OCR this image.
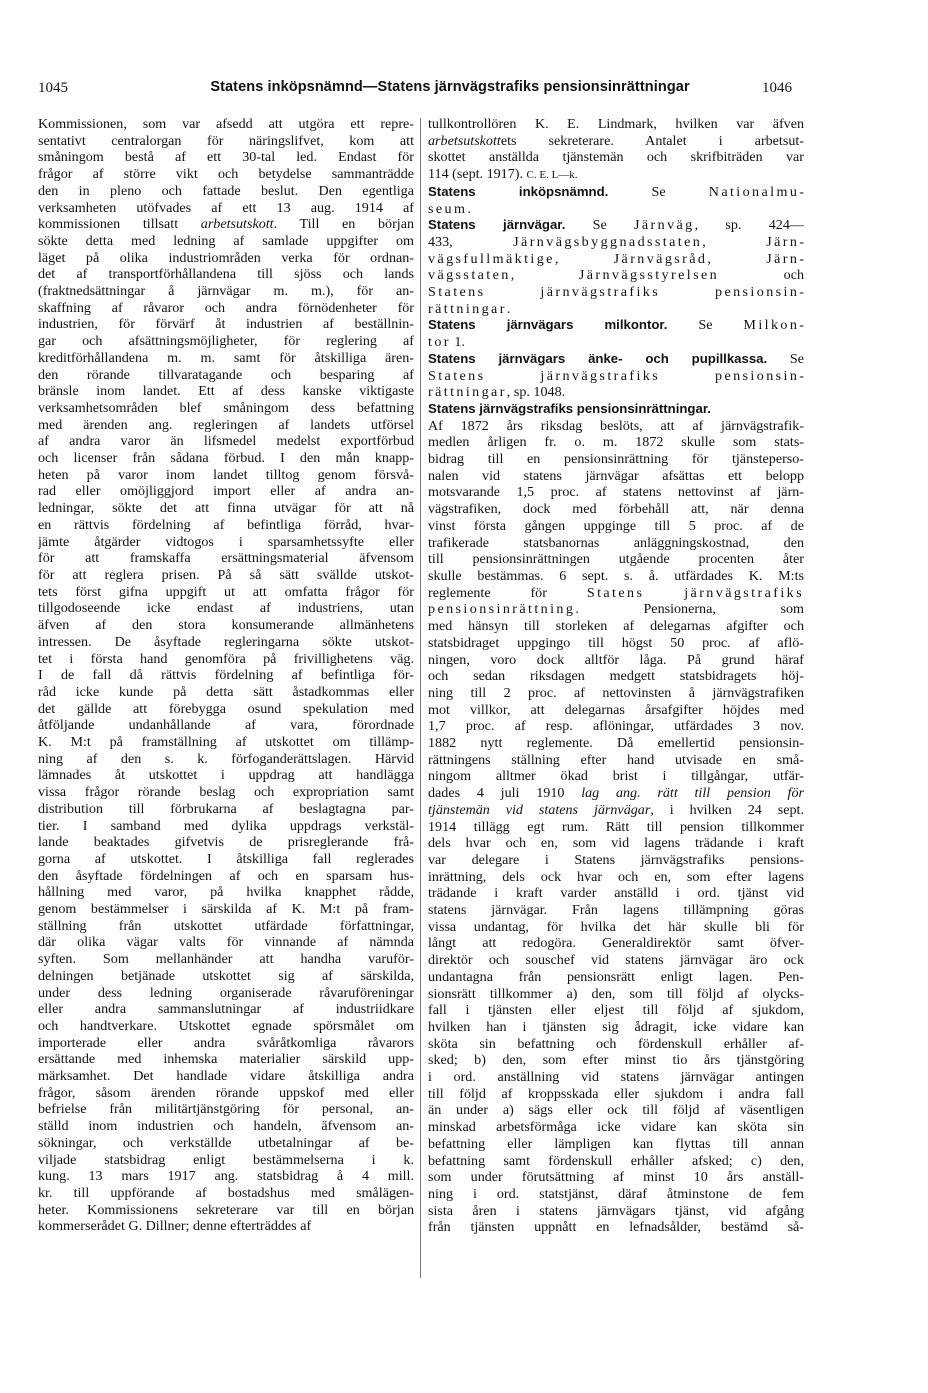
1045	Statens inköpsnämnd—Statens järnvägstrafiks pensionsinrättningar	1046
Kommissionen, som var afsedd att utgöra ett repre-
sentativt centralorgan för näringslifvet, kom att
småningom bestå af ett 30-tal led. Endast för
frågor af större vikt och betydelse sammanträdde
den in pleno och fattade beslut. Den egentliga
verksamheten utöfvades af ett 13 aug. 1914 af
kommissionen tillsatt arbetsutskott. Till en början
sökte detta med ledning af samlade uppgifter om
läget på olika industriområden verka för ordnan-
det af transportförhållandena till sjöss och lands
(fraktnedsättningar å järnvägar m. m.), för an-
skaffning af råvaror och andra förnödenheter för
industrien, för förvärf åt industrien af beställnin-
gar och afsättningsmöjligheter, för reglering af
kreditförhållandena m. m. samt för åtskilliga ären-
den rörande tillvaratagande och besparing af
bränsle inom landet. Ett af dess kanske viktigaste
verksamhetsområden blef småningom dess befattning
med ärenden ang. regleringen af landets utförsel
af andra varor än lifsmedel medelst exportförbud
och licenser från sådana förbud. I den mån knapp-
heten på varor inom landet tilltog genom försvå-
rad eller omöjliggjord import eller af andra an-
ledningar, sökte det att finna utvägar för att nå
en rättvis fördelning af befintliga förråd, hvar-
jämte åtgärder vidtogos i sparsamhetssyfte eller
för att framskaffa ersättningsmaterial äfvensom
för att reglera prisen. På så sätt svällde utskot-
tets först gifna uppgift ut att omfatta frågor för
tillgodoseende icke endast af industriens, utan
äfven af den stora konsumerande allmänhetens
intressen. De åsyftade regleringarna sökte utskot-
tet i första hand genomföra på frivillighetens väg.
I de fall då rättvis fördelning af befintliga för-
råd icke kunde på detta sätt åstadkommas eller
det gällde att förebygga osund spekulation med
åtföljande undanhållande af vara, förordnade
K. M:t på framställning af utskottet om tillämp-
ning af den s. k. förfoganderättslagen. Härvid
lämnades åt utskottet i uppdrag att handlägga
vissa frågor rörande beslag och expropriation samt
distribution till förbrukarna af beslagtagna par-
tier. I samband med dylika uppdrags verkstäl-
lande beaktades gifvetvis de prisreglerande frå-
gorna af utskottet. I åtskilliga fall reglerades
den åsyftade fördelningen af och en sparsam hus-
hållning med varor, på hvilka knapphet rådde,
genom bestämmelser i särskilda af K. M:t på fram-
ställning från utskottet utfärdade författningar,
där olika vägar valts för vinnande af nämnda
syften. Som mellanhänder att handha varuför-
delningen betjänade utskottet sig af särskilda,
under dess ledning organiserade råvaruföreningar
eller andra sammanslutningar af industriidkare
och handtverkare. Utskottet egnade spörsmålet om
importerade eller andra svåråtkomliga råvarors
ersättande med inhemska materialier särskild upp-
märksamhet. Det handlade vidare åtskilliga andra
frågor, såsom ärenden rörande uppskof med eller
befrielse från militärtjänstgöring för personal, an-
ställd inom industrien och handeln, äfvensom an-
sökningar, och verkställde utbetalningar af be-
viljade statsbidrag enligt bestämmelserna i k.
kung. 13 mars 1917 ang. statsbidrag å 4 mill.
kr. till uppförande af bostadshus med smålägen-
heter. Kommissionens sekreterare var till en början
kommerserådet G. Dillner; denne efterträddes af
tullkontrollören K. E. Lindmark, hvilken var äfven
arbetsutskottets sekreterare. Antalet i arbetsut-
skottet anställda tjänstemän och skrifbiträden var
114 (sept. 1917). C. E. L—k.
Statens inköpsnämnd. Se Nationalmu-
seum.
Statens järnvägar. Se Järnväg, sp. 424—
433, Järnvägsbyggnadsstaten, Järn-
vägsfullmäktige, Järnvägsråd, Järn-
vägsstaten, Järnvägsstyrelsen och
Statens	järnvägstrafiks	pensionsin-
rättningar.
Statens järnvägars milkontor. Se Milkon-
tor 1.
Statens järnvägars änke- och pupillkassa. Se
Statens	järnvägstrafiks	pensionsin-
rättningar, sp. 1048.
Statens järnvägstrafiks pensionsinrättningar.
Af 1872 års riksdag beslöts, att af järnvägstrafik-
medlen årligen fr. o. m. 1872 skulle som stats-
bidrag till en pensionsinrättning för tjänsteperso-
nalen vid statens järnvägar afsättas ett belopp
motsvarande 1,5 proc. af statens nettovinst af järn-
vägstrafiken, dock med förbehåll att, när denna
vinst första gången uppginge till 5 proc. af de
trafikerade statsbanornas anläggningskostnad, den
till pensionsinrättningen utgående procenten åter
skulle bestämmas. 6 sept. s. å. utfärdades K. M:ts
reglemente för Statens	järnvägstrafiks
pensionsinrättning. Pensionerna, som
med hänsyn till storleken af delegarnas afgifter och
statsbidraget uppgingo till högst 50 proc. af aflö-
ningen, voro dock alltför låga. På grund häraf
och sedan riksdagen medgett statsbidragets höj-
ning till 2 proc. af nettovinsten å järnvägstrafiken
mot villkor, att delegarnas årsafgifter höjdes med
1,7 proc. af resp. aflöningar, utfärdades 3 nov.
1882 nytt reglemente. Då emellertid pensionsin-
rättningens ställning efter hand utvisade en små-
ningom alltmer ökad brist i tillgångar, utfär-
dades 4 juli 1910 lag ang. rätt till pension för
tjänstemän vid statens järnvägar, i hvilken 24 sept.
1914 tillägg egt rum. Rätt till pension tillkommer
dels hvar och en, som vid lagens trädande i kraft
var delegare i Statens järnvägstrafiks pensions-
inrättning, dels ock hvar och en, som efter lagens
trädande i kraft varder anställd i ord. tjänst vid
statens järnvägar. Från lagens tillämpning göras
vissa undantag, för hvilka det här skulle bli för
långt att redogöra. Generaldirektör samt öfver-
direktör och souschef vid statens järnvägar äro ock
undantagna från pensionsrätt enligt lagen. Pen-
sionsrätt tillkommer a) den, som till följd af olycks-
fall i tjänsten eller eljest till följd af sjukdom,
hvilken han i tjänsten sig ådragit, icke vidare kan
sköta sin befattning och fördenskull erhåller af-
sked; b) den, som efter minst tio års tjänstgöring
i ord. anställning vid statens järnvägar antingen
till följd af kroppsskada eller sjukdom i andra fall
än under a) sägs eller ock till följd af väsentligen
minskad arbetsförmåga icke vidare kan sköta sin
befattning eller lämpligen kan flyttas till annan
befattning samt fördenskull erhåller afsked; c) den,
som under förutsättning af minst 10 års anställ-
ning i ord. statstjänst, däraf åtminstone de fem
sista åren i statens järnvägars tjänst, vid afgång
från tjänsten uppnått en lefnadsålder, bestämd så-
